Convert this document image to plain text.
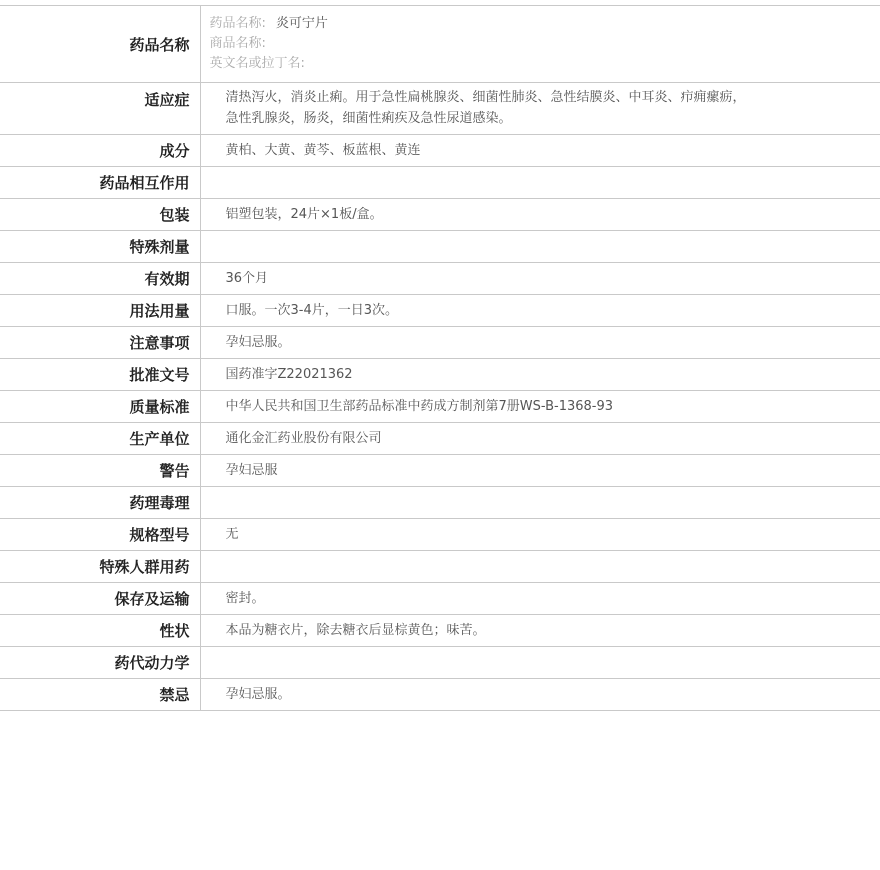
药品名称	药品名称: 炎可宁片
商品名称:
英文名或拉丁名:

适应症	清热泻火，消炎止痢。用于急性扁桃腺炎、细菌性肺炎、急性结膜炎、中耳炎、疖痈瘰疬，
急性乳腺炎，肠炎，细菌性痢疾及急性尿道感染。

成分	黄柏、大黄、黄芩、板蓝根、黄连
药品相互作用	
包装	铝塑包装，24片×1板/盒。
特殊剂量	
有效期	36个月
用法用量	口服。一次3-4片，一日3次。
注意事项	孕妇忌服。
批准文号	国药准字Z22021362
质量标准	中华人民共和国卫生部药品标准中药成方制剂第7册WS-B-1368-93
生产单位	通化金汇药业股份有限公司
警告	孕妇忌服
药理毒理	
规格型号	无
特殊人群用药	
保存及运输	密封。
性状	本品为糖衣片，除去糖衣后显棕黄色；味苦。
药代动力学	
禁忌	孕妇忌服。
